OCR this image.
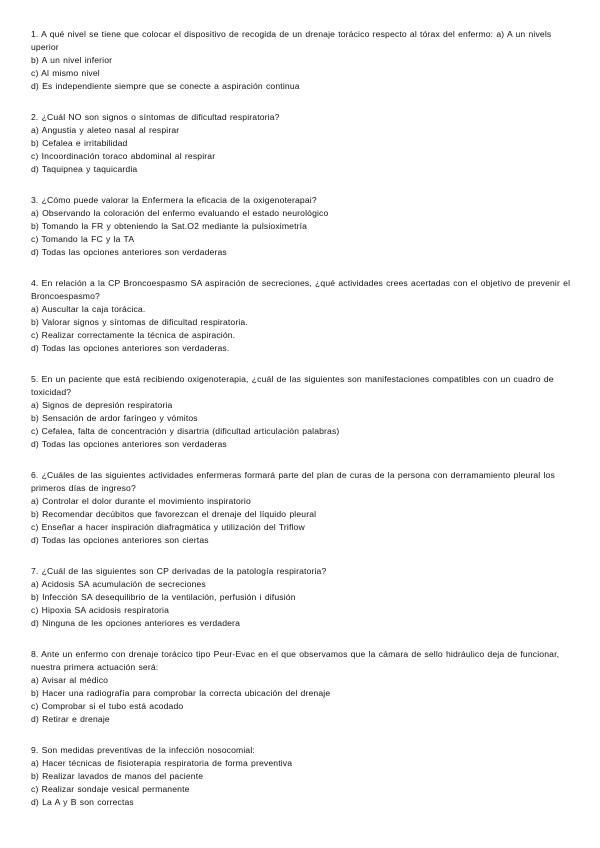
1. A qué nivel se tiene que colocar el dispositivo de recogida de un drenaje torácico respecto al tórax del enfermo: a) A un nivels uperior

b) A un nivel inferior
c) Al mismo nivel
d) Es independiente siempre que se conecte a aspiración continua

2. ¿Cuál NO son signos o síntomas de dificultad respiratoria?

a) Angustia y aleteo nasal al respirar
b) Cefalea e irritabilidad
c) Incoordinación toraco abdominal al respirar
d) Taquipnea y taquicardia

3. ¿Cómo puede valorar la Enfermera la eficacia de la oxigenoterapai?

a) Observando la coloración del enfermo evaluando el estado neurológico
b) Tomando la FR y obteniendo la Sat.O2 mediante la pulsioximetría
c) Tomando la FC y la TA
d) Todas las opciones anteriores son verdaderas

4. En relación a la CP Broncoespasmo SA aspiración de secreciones, ¿qué actividades crees acertadas con el objetivo de prevenir el Broncoespasmo?

a) Auscultar la caja torácica.
b) Valorar signos y síntomas de dificultad respiratoria.
c) Realizar correctamente la técnica de aspiración.
d) Todas las opciones anteriores son verdaderas.

5. En un paciente que está recibiendo oxigenoterapia, ¿cuál de las siguientes son manifestaciones compatibles con un cuadro de toxicidad?

a) Signos de depresión respiratoria
b) Sensación de ardor faríngeo y vómitos
c) Cefalea, falta de concentración y disartria (dificultad articulación palabras)
d) Todas las opciones anteriores son verdaderas

6. ¿Cuáles de las siguientes actividades enfermeras formará parte del plan de curas de la persona con derramamiento pleural los primeros días de ingreso?

a) Controlar el dolor durante el movimiento inspiratorio
b) Recomendar decúbitos que favorezcan el drenaje del líquido pleural
c) Enseñar a hacer inspiración diafragmática y utilización del Triflow
d) Todas las opciones anteriores son ciertas

7. ¿Cuál de las siguientes son CP derivadas de la patología respiratoria?

a) Acidosis SA acumulación de secreciones
b) Infección SA desequilibrio de la ventilación, perfusión i difusión
c) Hipoxia SA acidosis respiratoria
d) Ninguna de les opciones anteriores es verdadera

8. Ante un enfermo con drenaje torácico tipo Peur-Evac en el que observamos que la cámara de sello hidráulico deja de funcionar, nuestra primera actuación será:

a) Avisar al médico
b) Hacer una radiografía para comprobar la correcta ubicación del drenaje
c) Comprobar si el tubo está acodado
d) Retirar e drenaje

9. Son medidas preventivas de la infección nosocomial:

a) Hacer técnicas de fisioterapia respiratoria de forma preventiva
b) Realizar lavados de manos del paciente
c) Realizar sondaje vesical permanente
d) La A y B son correctas
